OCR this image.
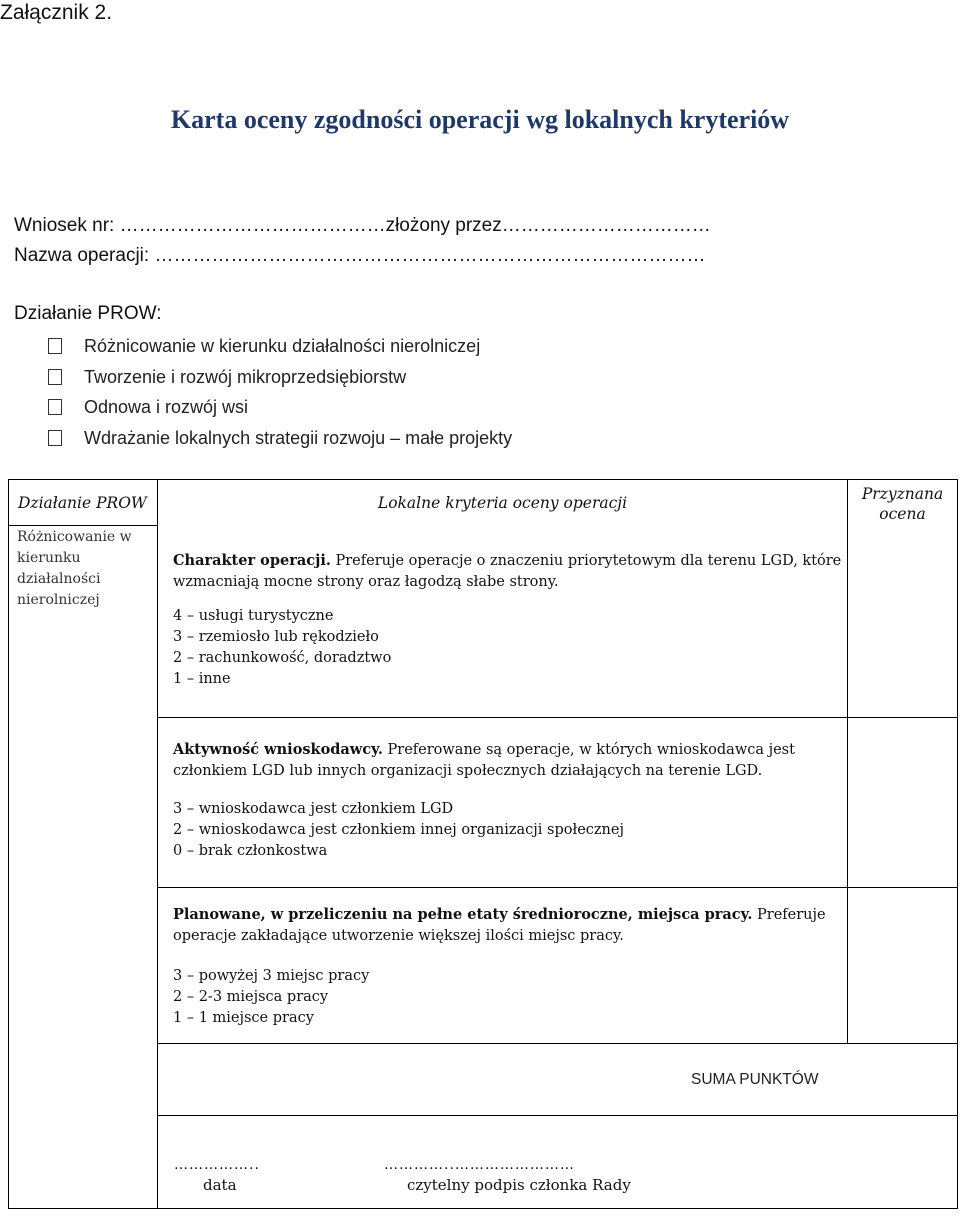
Załącznik 2.
Karta oceny zgodności operacji wg lokalnych kryteriów
Wniosek nr: ……………………………………złożony przez……………………………
Nazwa operacji: ……………………………………………………………………………
Działanie PROW:
Różnicowanie w kierunku działalności nierolniczej
Tworzenie i rozwój mikroprzedsiębiorstw
Odnowa i rozwój wsi
Wdrażanie lokalnych strategii rozwoju – małe projekty
Działanie PROW	Lokalne kryteria oceny operacji	Przyznana
ocena
Różnicowanie w
kierunku
działalności
nierolniczej
Charakter operacji. Preferuje operacje o znaczeniu priorytetowym dla terenu LGD, które
wzmacniają mocne strony oraz łagodzą słabe strony.
4 – usługi turystyczne
3 – rzemiosło lub rękodzieło
2 – rachunkowość, doradztwo
1 – inne
Aktywność wnioskodawcy. Preferowane są operacje, w których wnioskodawca jest
członkiem LGD lub innych organizacji społecznych działających na terenie LGD.
3 – wnioskodawca jest członkiem LGD
2 – wnioskodawca jest członkiem innej organizacji społecznej
0 – brak członkostwa
Planowane, w przeliczeniu na pełne etaty średnioroczne, miejsca pracy. Preferuje
operacje zakładające utworzenie większej ilości miejsc pracy.
3 – powyżej 3 miejsc pracy
2 – 2-3 miejsca pracy
1 – 1 miejsce pracy
SUMA PUNKTÓW
……………..
data
…………..……………………
czytelny podpis członka Rady
